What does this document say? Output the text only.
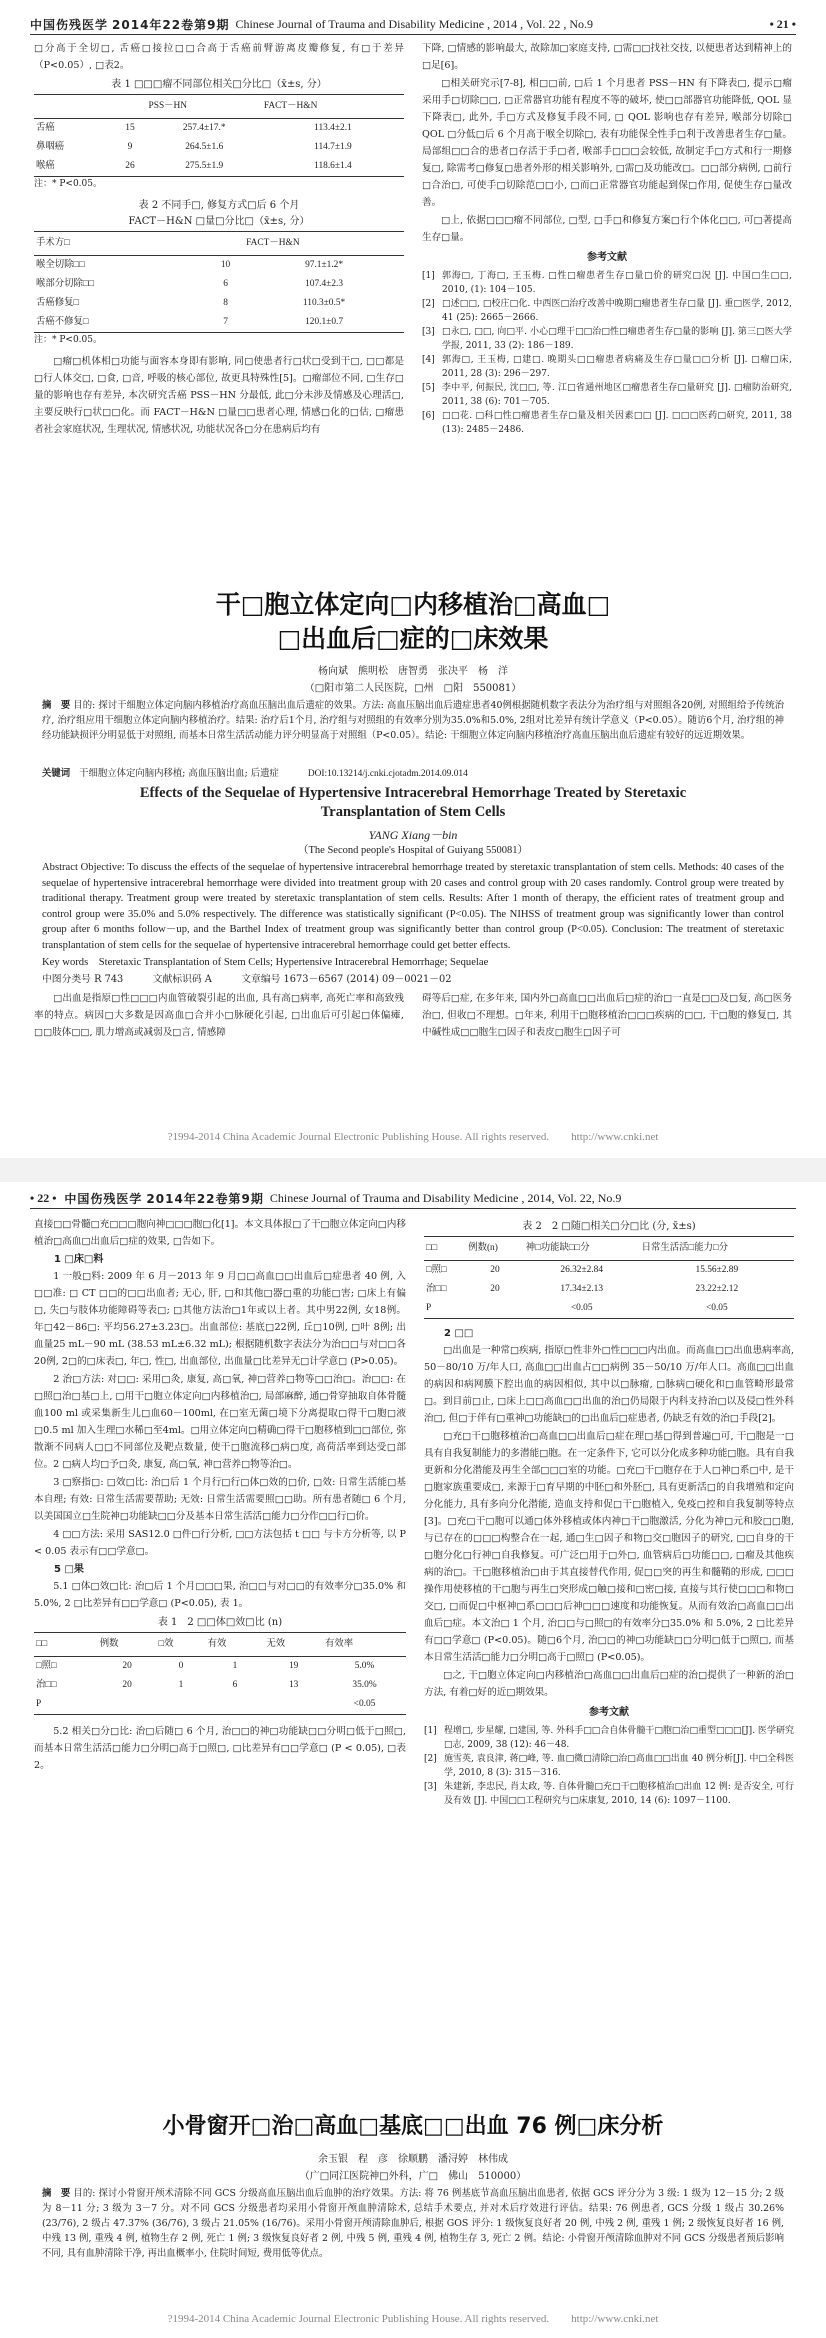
中国伤残医学 2014年22卷第9期 Chinese Journal of Trauma and Disability Medicine , 2014 , Vol. 22 , No.9	• 21 •

□分高于全切□, 舌癌□接拉□□合高于舌癌前臂游离皮瓣修复, 有□于差异（P<0.05）, □表2。

表 1 □□□瘤不同部位相关□分比□（x̄±s, 分）
		PSS－HN	FACT－H&N
舌癌	15	257.4±17.*	113.4±2.1
鼻咽癌	9	264.5±1.6	114.7±1.9
喉癌	26	275.5±1.9	118.6±1.4
注：* P<0.05。
表 2 不同手□, 修复方式□后 6 个月
FACT－H&N □量□分比□（x̄±s, 分）
手术方□		FACT－H&N
喉全切除□□	10	97.1±1.2*
喉部分切除□□	6	107.4±2.3
舌癌修复□	8	110.3±0.5*
舌癌不修复□	7	120.1±0.7
注：* P<0.05。

□瘤□机体相□功能与面容本身即有影响, 同□使患者行□状□受到干□, □□都是□行人体交□, □食, □音, 呼吸的核心部位, 故更具特殊性[5]。□瘤部位不同, □生存□量的影响也存有差异, 本次研究舌癌 PSS－HN 分最低, 此□分未涉及情感及心理活□, 主要反映行□状□□化。而 FACT－H&N □量□□患者心理, 情感□化的□估, □瘤患者社会家庭状况, 生理状况, 情感状况, 功能状况各□分在患病后均有

下降, □情感的影响最大, 故除加□家庭支持, □需□□找社交技, 以便患者达到精神上的□足[6]。

□相关研究示[7-8], 相□□前, □后 1 个月患者 PSS－HN 有下降表□, 提示□瘤采用手□切除□□, □正常器官功能有程度不等的破坏, 使□□部器官功能降低, QOL 显下降表□, 此外, 手□方式及修复手段不同, □ QOL 影响也存有差异, 喉部分切除□ QOL □分低□后 6 个月高于喉全切除□, 表有功能保全性手□利于改善患者生存□量。局部组□□合的患者□存活于手□者, 喉部手□□□会较低, 故制定手□方式和行一期修复□, 除需考□修复□患者外形的相关影响外, □需□及功能改□。□□部分病例, □前行□合治□, 可使手□切除范□□小, □而□正常器官功能起到保□作用, 促使生存□量改善。

□上, 依据□□□瘤不同部位, □型, □手□和修复方案□行个体化□□, 可□著提高生存□量。

参考文献
[1] 郭海□, 丁海□, 王玉梅. □性□瘤患者生存□量□价的研究□況 [J]. 中国□生□□, 2010, (1): 104－105.
[2] □述□□, □校庄□化. 中西医□治疗改善中晚期□瘤患者生存□量 [J]. 重□医学, 2012, 41 (25): 2665－2666.
[3] □永□, □□, 向□平. 小心□理干□□治□性□瘤患者生存□量的影响 [J]. 第三□医大学学报, 2011, 33 (2): 186－189.
[4] 郭海□, 王玉梅, □建□. 晚期头□□瘤患者病痛及生存□量□□分析 [J]. □瘤□床, 2011, 28 (3): 296－297.
[5] 李中平, 何振民, 沈□□, 等. 江□省通州地区□瘤患者生存□量研究 [J]. □瘤防治研究, 2011, 38 (6): 701－705.
[6] □□花. □科□性□瘤患者生存□量及相关因素□□ [J]. □□□医药□研究, 2011, 38 (13): 2485－2486.
干□胞立体定向□内移植治□高血□
□出血后□症的□床效果
杨向斌　熊明松　唐智勇　张决平　杨　洋
（□阳市第二人民医院，□州　□阳　550081）
摘　要 目的: 探讨干细胞立体定向脑内移植治疗高血压脑出血后遗症的效果。方法: 高血压脑出血后遗症患者40例根据随机数字表法分为治疗组与对照组各20例, 对照组给予传统治疗, 治疗组应用干细胞立体定向脑内移植治疗。结果: 治疗后1个月, 治疗组与对照组的有效率分别为35.0%和5.0%, 2组对比差异有统计学意义（P<0.05）。随访6个月, 治疗组的神经功能缺损评分明显低于对照组, 而基本日常生活活动能力评分明显高于对照组（P<0.05）。结论: 干细胞立体定向脑内移植治疗高血压脑出血后遗症有较好的远近期效果。
关键词 干细胞立体定向脑内移植; 高血压脑出血; 后遗症	DOI:10.13214/j.cnki.cjotadm.2014.09.014
Effects of the Sequelae of Hypertensive Intracerebral Hemorrhage Treated by Steretaxic
Transplantation of Stem Cells
YANG Xiang－bin
（The Second people's Hospital of Guiyang 550081）
Abstract Objective: To discuss the effects of the sequelae of hypertensive intracerebral hemorrhage treated by steretaxic transplantation of stem cells. Methods: 40 cases of the sequelae of hypertensive intracerebral hemorrhage were divided into treatment group with 20 cases and control group with 20 cases randomly. Control group were treated by traditional therapy. Treatment group were treated by steretaxic transplantation of stem cells. Results: After 1 month of therapy, the efficient rates of treatment group and control group were 35.0% and 5.0% respectively. The difference was statistically significant (P<0.05). The NIHSS of treatment group was significantly lower than control group after 6 months follow－up, and the Barthel Index of treatment group was significantly better than control group (P<0.05). Conclusion: The treatment of steretaxic transplantation of stem cells for the sequelae of hypertensive intracerebral hemorrhage could get better effects.
Key words　Steretaxic Transplantation of Stem Cells; Hypertensive Intracerebral Hemorrhage; Sequelae
中图分类号 R 743　　　文献标识码 A　　　文章编号 1673－6567 (2014) 09－0021－02

□出血是指原□性□□□内血管破裂引起的出血, 具有高□病率, 高死亡率和高致残率的特点。病因□大多数是因高血□合并小□脉硬化引起, □出血后可引起□体偏瘫, □□肢体□□, 肌力增高或减弱及□言, 情感障

碍等后□症, 在多年来, 国内外□高血□□出血后□症的治□一直是□□及□复, 高□医务治□, 但收□不理想。□年来, 利用干□胞移植治□□□疾病的□□, 干□胞的修复□, 其中碱性成□□胞生□因子和表皮□胞生□因子可

?1994-2014 China Academic Journal Electronic Publishing House. All rights reserved.　　http://www.cnki.net
• 22 • 中国伤残医学 2014年22卷第9期 Chinese Journal of Trauma and Disability Medicine , 2014, Vol. 22, No.9

直接□□骨髓□充□□□胞向神□□□胞□化[1]。本文具体报□了干□胞立体定向□内移植治□高血□出血后□症的效果, □告如下。

1 □床□料

1 一般□料: 2009 年 6 月－2013 年 9 月□□高血□□出血后□症患者 40 例, 入□□准: □ CT □□的□□出血者; 无心, 肝, □和其他□器□重的功能□害; □床上有偏□, 失□与肢体功能障碍等表□; □其他方法治□1年或以上者。其中男22例, 女18例。年□42－86□: 平均56.27±3.23□。出血部位: 基底□22例, 丘□10例, □叶 8例; 出血量25 mL－90 mL (38.53 mL±6.32 mL); 根据随机数字表法分为治□□与对□□各20例, 2□的□床表□, 年□, 性□, 出血部位, 出血量□比差异无□计学意□ (P>0.05)。

2 治□方法: 对□□: 采用□灸, 康复, 高□氧, 神□营养□物等□□治□。治□□: 在□照□治□基□上, □用干□胞立体定向□内移植治□, 局部麻醉, 通□骨穿抽取自体骨髓血100 ml 或采集新生儿□血60－100ml, 在□室无菌□境下分离提取□得干□胞□液□0.5 ml 加入生理□水稀□至4ml。□用立体定向□精确□得干□胞移植到□□部位, 弥散渐不同病人□□不同部位及靶点数量, 使干□胞流移□病□度, 高荷活率到达受□部位。2 □病人均□予□灸, 康复, 高□氧, 神□营养□物等治□。

3 □察指□: □效□比: 治□后 1 个月行□行□体□效的□价, □效: 日常生活能□基本自理; 有效: 日常生活需要帮助; 无效: 日常生活需要照□□助。所有患者随□ 6 个月, 以美国国立□生院神□功能缺□□分及基本日常生活活□能力□分作□□行□价。

4 □□方法: 采用 SAS12.0 □件□行分析, □□方法包括 t □□ 与卡方分析等, 以 P < 0.05 表示有□□学意□。

5 □果

5.1 □体□效□比: 治□后 1 个月□□□果, 治□□与对□□的有效率分□35.0% 和 5.0%, 2 □比差异有□□学意□ (P<0.05), 表 1。

表 1　2 □□体□效□比 (n)
□□	例数	□效	有效	无效	有效率
□照□	20	0	1	19	5.0%
治□□	20	1	6	13	35.0%
P					<0.05

5.2 相关□分□比: 治□后随□ 6 个月, 治□□的神□功能缺□□分明□低于□照□, 而基本日常生活活□能力□分明□高于□照□, □比差异有□□学意□ (P < 0.05), □表 2。

表 2　2 □随□相关□分□比 (分, x̄±s)
□□	例数(n)	神□功能缺□□分	日常生活活□能力□分
□照□	20	26.32±2.84	15.56±2.89
治□□	20	17.34±2.13	23.22±2.12
P		<0.05	<0.05
2 □□

□出血是一种常□疾病, 指原□性非外□性□□□内出血。而高血□□出血患病率高, 50－80/10 万/年人口, 高血□□出血占□□病例 35－50/10 万/年人口。高血□□出血的病因和病网膜下腔出血的病因相似, 其中以□脉瘤, □脉病□硬化和□血管畸形最常□。到目前□止, □床上□□高血□□出血的治□仍局限于内科支持治□以及侵□性外科治□, 但□于伴有□重神□功能缺□的□出血后□症患者, 仍缺乏有效的治□手段[2]。

□充□干□胞移植治□高血□□出血后□症在理□基□得到普遍□可, 干□胞是一□具有自我复制能力的多潜能□胞。在一定条件下, 它可以分化成多种功能□胞。具有自我更新和分化潜能及再生全部□□□室的功能。□充□干□胞存在于人□神□系□中, 是干□胞家族重要成□, 来源于□育早期的中胚□和外胚□, 具有更新活□的自我增殖和定向分化能力, 具有多向分化潜能, 造血支持和促□干□胞植入, 免疫□控和自我复制等特点[3]。□充□干□胞可以通□体外移植或体内神□干□胞激活, 分化为神□元和胶□□胞, 与已存在的□□□构整合在一起, 通□生□因子和物□交□胞因子的研究, □□自身的干□胞分化□行神□自我修复。可广泛□用于□外□, 血管病后□功能□□, □瘤及其他疾病的治□。干□胞移植治□由于其直接替代作用, 促□□突的再生和髓鞘的形成, □□□操作用使移植的干□胞与再生□突形成□触□接和□密□接, 直接与其行使□□□和物□交□, □而促□中枢神□系□□□后神□□□速度和功能恢复。从而有效治□高血□□出血后□症。本文治□ 1 个月, 治□□与□照□的有效率分□35.0% 和 5.0%, 2 □比差异有□□学意□ (P<0.05)。随□6个月, 治□□的神□功能缺□□分明□低于□照□, 而基本日常生活活□能力□分明□高于□照□ (P<0.05)。

□之, 干□胞立体定向□内移植治□高血□□出血后□症的治□提供了一种新的治□方法, 有着□好的近□期效果。

参考文献
[1] 程增□, 步星耀, □建国, 等. 外科手□□合自体骨髓干□胞□治□重型□□□[J]. 医学研究□志, 2009, 38 (12): 46－48.
[2] 施雪英, 袁良津, 蒋□峰, 等. 血□微□清除□治□高血□□出血 40 例分析[J]. 中□全科医学, 2010, 8 (3): 315－316.
[3] 朱建新, 李忠民, 肖太政, 等. 自体骨髓□充□干□胞移植治□出血 12 例: 是否安全, 可行及有效 [J]. 中国□□工程研究与□床康复, 2010, 14 (6): 1097－1100.
小骨窗开□治□高血□基底□□出血 76 例□床分析
余玉银　程　彦　徐顺鹏　潘浔婷　林伟成
（广□同江医院神□外科，广□　佛山　510000）
摘　要 目的: 探讨小骨窗开颅术清除不同 GCS 分级高血压脑出血后血肿的治疗效果。方法: 将 76 例基底节高血压脑出血患者, 依据 GCS 评分分为 3 级: 1 级为 12－15 分; 2 级为 8－11 分; 3 级为 3－7 分。对不同 GCS 分级患者均采用小骨窗开颅血肿清除术, 总结手术要点, 并对术后疗效进行评估。结果: 76 例患者, GCS 分级 1 级占 30.26% (23/76), 2 级占 47.37% (36/76), 3 级占 21.05% (16/76)。采用小骨窗开颅清除血肿后, 根据 GOS 评分: 1 级恢复良好者 20 例, 中残 2 例, 重残 1 例; 2 级恢复良好者 16 例, 中残 13 例, 重残 4 例, 植物生存 2 例, 死亡 1 例; 3 级恢复良好者 2 例, 中残 5 例, 重残 4 例, 植物生存 3, 死亡 2 例。结论: 小骨窗开颅清除血肿对不同 GCS 分级患者预后影响不同, 具有血肿清除干净, 再出血概率小, 住院时间短, 费用低等优点。
?1994-2014 China Academic Journal Electronic Publishing House. All rights reserved.　　http://www.cnki.net
